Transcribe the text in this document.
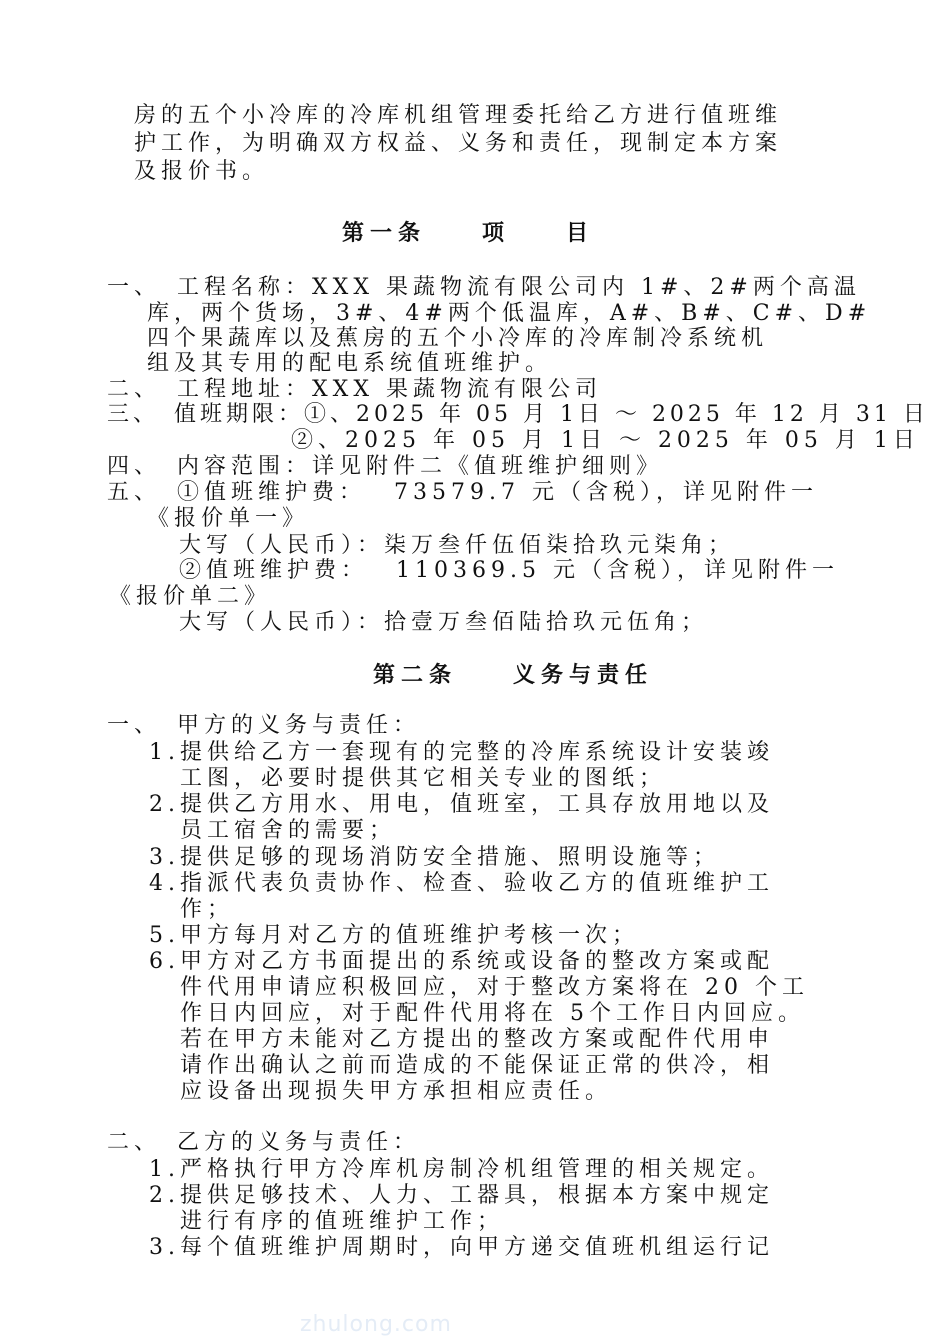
房的五个小冷库的冷库机组管理委托给乙方进行值班维
护工作，为明确双方权益、义务和责任，现制定本方案
及报价书。
第一条　　项　　目
一、　工程名称：XXX 果蔬物流有限公司内 1#、2#两个高温
库，两个货场，3#、4#两个低温库，A#、B#、C#、D#
四个果蔬库以及蕉房的五个小冷库的冷库制冷系统机
组及其专用的配电系统值班维护。
二、　工程地址：XXX 果蔬物流有限公司
三、　值班期限：①、2025 年 05 月 1日 ～ 2025 年 12 月 31 日
②、2025 年 05 月 1日 ～ 2025 年 05 月 1日
四、　内容范围：详见附件二《值班维护细则》
五、　①值班维护费：　 73579.7 元（含税），详见附件一
《报价单一》
大写（人民币）：柒万叁仟伍佰柒拾玖元柒角；
②值班维护费：　 110369.5 元（含税），详见附件一
《报价单二》
大写（人民币）：拾壹万叁佰陆拾玖元伍角；
第二条　　义务与责任
一、　甲方的义务与责任：
1.提供给乙方一套现有的完整的冷库系统设计安装竣
工图，必要时提供其它相关专业的图纸；
2.提供乙方用水、用电，值班室，工具存放用地以及
员工宿舍的需要；
3.提供足够的现场消防安全措施、照明设施等；
4.指派代表负责协作、检查、验收乙方的值班维护工
作；
5.甲方每月对乙方的值班维护考核一次；
6.甲方对乙方书面提出的系统或设备的整改方案或配
件代用申请应积极回应，对于整改方案将在 20 个工
作日内回应，对于配件代用将在 5个工作日内回应。
若在甲方未能对乙方提出的整改方案或配件代用申
请作出确认之前而造成的不能保证正常的供冷，相
应设备出现损失甲方承担相应责任。
二、　乙方的义务与责任：
1.严格执行甲方冷库机房制冷机组管理的相关规定。
2.提供足够技术、人力、工器具，根据本方案中规定
进行有序的值班维护工作；
3.每个值班维护周期时，向甲方递交值班机组运行记
zhulong.com
